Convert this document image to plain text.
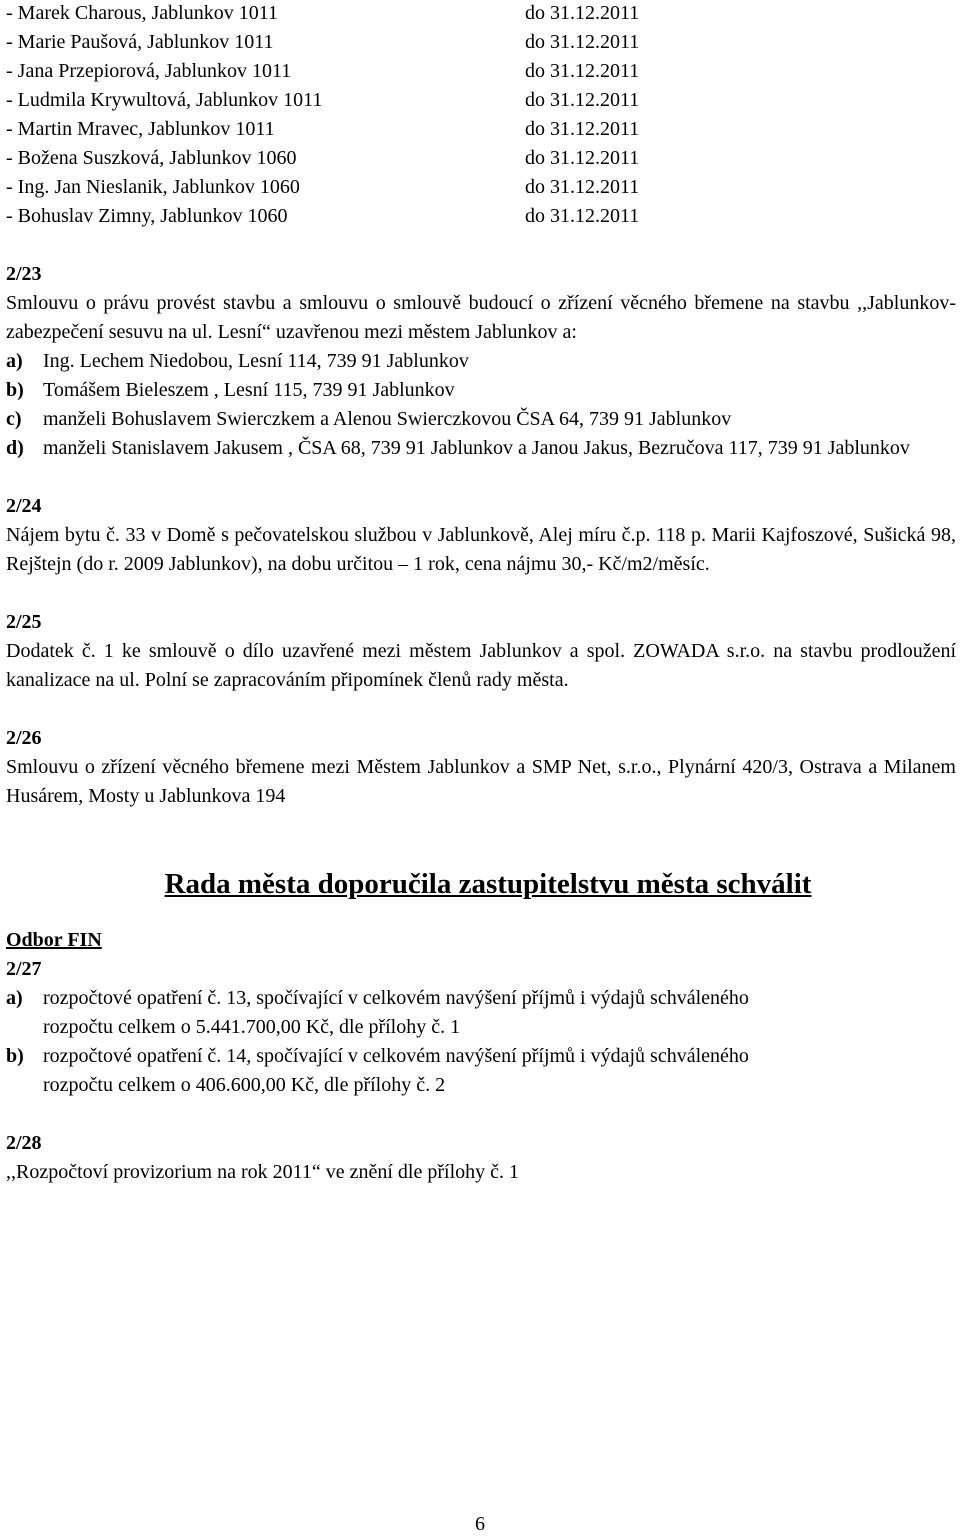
- Marek Charous, Jablunkov 1011	do 31.12.2011
- Marie Paušová, Jablunkov 1011	do 31.12.2011
- Jana Przepiorová, Jablunkov 1011	do 31.12.2011
- Ludmila Krywultová, Jablunkov 1011	do 31.12.2011
- Martin Mravec, Jablunkov 1011	do 31.12.2011
- Božena Suszková, Jablunkov 1060	do 31.12.2011
- Ing. Jan Nieslanik, Jablunkov 1060	do 31.12.2011
- Bohuslav Zimny, Jablunkov 1060	do 31.12.2011

2/23

Smlouvu o právu provést stavbu a smlouvu o smlouvě budoucí o zřízení věcného břemene na stavbu ,,Jablunkov- zabezpečení sesuvu na ul. Lesní“ uzavřenou mezi městem Jablunkov a:

a)	Ing. Lechem Niedobou, Lesní 114, 739 91 Jablunkov
b) Tomášem Bieleszem , Lesní 115, 739 91 Jablunkov
c)	manželi Bohuslavem Swierczkem a Alenou Swierczkovou ČSA 64, 739 91 Jablunkov
d) manželi Stanislavem Jakusem , ČSA 68, 739 91 Jablunkov a Janou Jakus, Bezručova 117, 739 91 Jablunkov

2/24

Nájem bytu č. 33 v Domě s pečovatelskou službou v Jablunkově, Alej míru č.p. 118 p. Marii Kajfoszové, Sušická 98, Rejštejn (do r. 2009 Jablunkov), na dobu určitou – 1 rok, cena nájmu 30,- Kč/m2/měsíc.

2/25

Dodatek č. 1 ke smlouvě o dílo uzavřené mezi městem Jablunkov a spol. ZOWADA s.r.o. na stavbu prodloužení kanalizace na ul. Polní se zapracováním připomínek členů rady města.

2/26

Smlouvu o zřízení věcného břemene mezi Městem Jablunkov a SMP Net, s.r.o., Plynární 420/3, Ostrava a Milanem Husárem, Mosty u Jablunkova 194

Rada města doporučila zastupitelstvu města schválit

Odbor FIN

2/27

a)	rozpočtové opatření č. 13, spočívající v celkovém navýšení příjmů i výdajů schváleného
rozpočtu celkem o 5.441.700,00 Kč, dle přílohy č. 1
b) rozpočtové opatření č. 14, spočívající v celkovém navýšení příjmů i výdajů schváleného
rozpočtu celkem o 406.600,00 Kč, dle přílohy č. 2

2/28

,,Rozpočtoví provizorium na rok 2011“ ve znění dle přílohy č. 1

6
